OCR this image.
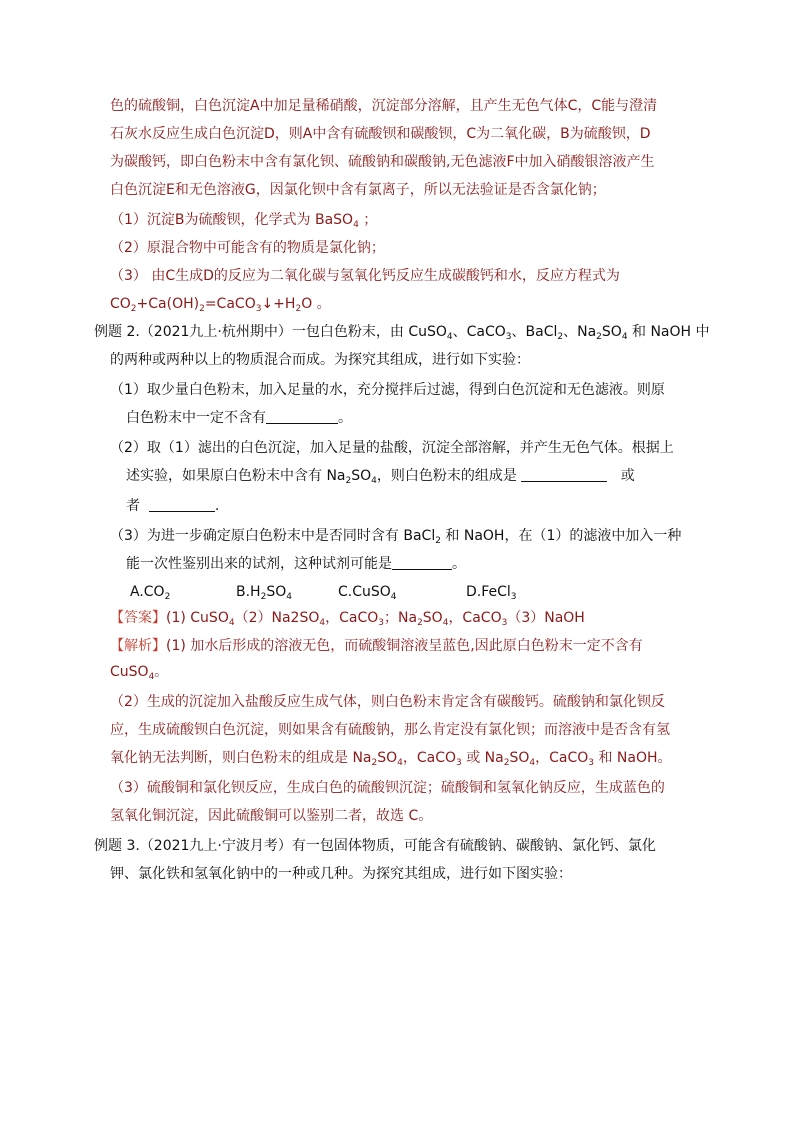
色的硫酸铜，白色沉淀A中加足量稀硝酸，沉淀部分溶解，且产生无色气体C，C能与澄清
石灰水反应生成白色沉淀D，则A中含有硫酸钡和碳酸钡，C为二氧化碳，B为硫酸钡，D
为碳酸钙，即白色粉末中含有氯化钡、硫酸钠和碳酸钠,无色滤液F中加入硝酸银溶液产生
白色沉淀E和无色溶液G，因氯化钡中含有氯离子，所以无法验证是否含氯化钠；
（1）沉淀B为硫酸钡，化学式为 BaSO$_4$ ；
（2）原混合物中可能含有的物质是氯化钠；
（3） 由C生成D的反应为二氧化碳与氢氧化钙反应生成碳酸钙和水，反应方程式为
$CO_2+Ca(OH)_2=CaCO_3↓+H_2O$ 。
例题 2.（2021九上·杭州期中）一包白色粉末，由 CuSO$_4$、CaCO$_3$、BaCl$_2$、$Na_2SO_4$ 和 NaOH 中
的两种或两种以上的物质混合而成。为探究其组成，进行如下实验：
（1）取少量白色粉末，加入足量的水，充分搅拌后过滤，得到白色沉淀和无色滤液。则原
白色粉末中一定不含有	。
（2）取（1）滤出的白色沉淀，加入足量的盐酸，沉淀全部溶解，并产生无色气体。根据上
述实验，如果原白色粉末中含有 $Na_2SO_4$，则白色粉末的组成是	或
者	.
（3）为进一步确定原白色粉末中是否同时含有 BaCl$_2$ 和 NaOH，在（1）的滤液中加入一种
能一次性鉴别出来的试剂，这种试剂可能是	。
$A.CO_2$	$B.H_2SO_4$	C.CuSO$_4$	D.FeCl$_3$
【答案】(1) $CuSO_4(2)Na2SO_4$，CaCO$_3$；$Na_2SO_4$，CaCO$_3$（3）NaOH
【解析】(1) 加水后形成的溶液无色，而硫酸铜溶液呈蓝色,因此原白色粉末一定不含有
CuSO$_4$。
（2）生成的沉淀加入盐酸反应生成气体，则白色粉末肯定含有碳酸钙。硫酸钠和氯化钡反
应，生成硫酸钡白色沉淀，则如果含有硫酸钠，那么肯定没有氯化钡；而溶液中是否含有氢
氧化钠无法判断，则白色粉末的组成是 $Na_2SO_4$，CaCO$_3$ 或 $Na_2SO_4$，CaCO$_3$ 和 NaOH。
（3）硫酸铜和氯化钡反应，生成白色的硫酸钡沉淀；硫酸铜和氢氧化钠反应，生成蓝色的
氢氧化铜沉淀，因此硫酸铜可以鉴别二者，故选 C。
例题 3.（2021九上·宁波月考）有一包固体物质，可能含有硫酸钠、碳酸钠、氯化钙、氯化
钾、氯化铁和氢氧化钠中的一种或几种。为探究其组成，进行如下图实验：
